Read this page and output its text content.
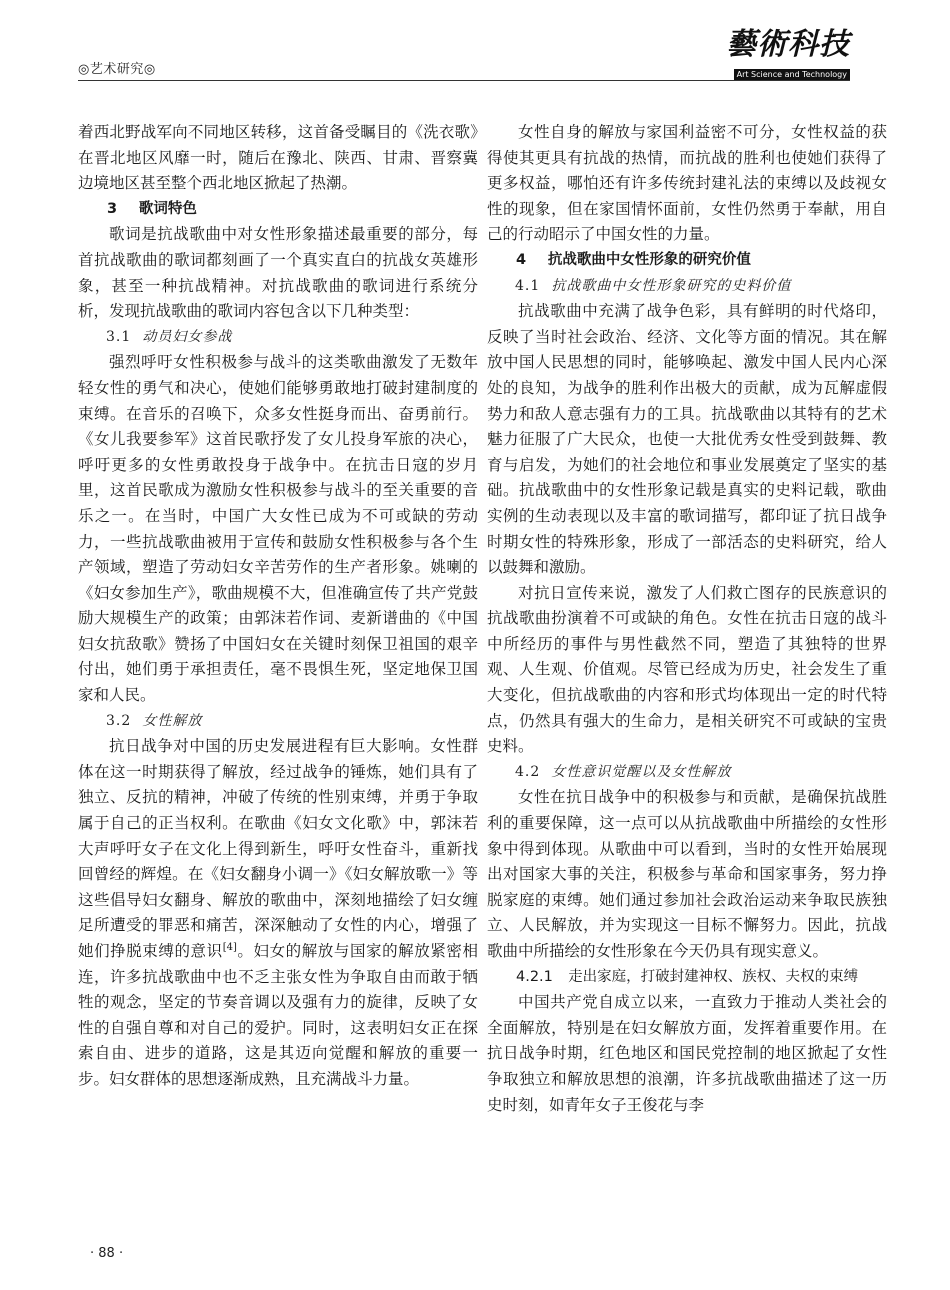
◎艺术研究◎
藝術科技
Art Science and Technology

着西北野战军向不同地区转移，这首备受瞩目的《洗衣歌》在晋北地区风靡一时，随后在豫北、陕西、甘肃、晋察冀边境地区甚至整个西北地区掀起了热潮。

3 歌词特色

歌词是抗战歌曲中对女性形象描述最重要的部分，每首抗战歌曲的歌词都刻画了一个真实直白的抗战女英雄形象，甚至一种抗战精神。对抗战歌曲的歌词进行系统分析，发现抗战歌曲的歌词内容包含以下几种类型：

3.1 动员妇女参战

强烈呼吁女性积极参与战斗的这类歌曲激发了无数年轻女性的勇气和决心，使她们能够勇敢地打破封建制度的束缚。在音乐的召唤下，众多女性挺身而出、奋勇前行。《女儿我要参军》这首民歌抒发了女儿投身军旅的决心，呼吁更多的女性勇敢投身于战争中。在抗击日寇的岁月里，这首民歌成为激励女性积极参与战斗的至关重要的音乐之一。在当时，中国广大女性已成为不可或缺的劳动力，一些抗战歌曲被用于宣传和鼓励女性积极参与各个生产领域，塑造了劳动妇女辛苦劳作的生产者形象。姚喇的《妇女参加生产》，歌曲规模不大，但准确宣传了共产党鼓励大规模生产的政策；由郭沫若作词、麦新谱曲的《中国妇女抗敌歌》赞扬了中国妇女在关键时刻保卫祖国的艰辛付出，她们勇于承担责任，毫不畏惧生死，坚定地保卫国家和人民。

3.2 女性解放

抗日战争对中国的历史发展进程有巨大影响。女性群体在这一时期获得了解放，经过战争的锤炼，她们具有了独立、反抗的精神，冲破了传统的性别束缚，并勇于争取属于自己的正当权利。在歌曲《妇女文化歌》中，郭沫若大声呼吁女子在文化上得到新生，呼吁女性奋斗，重新找回曾经的辉煌。在《妇女翻身小调一》《妇女解放歌一》等这些倡导妇女翻身、解放的歌曲中，深刻地描绘了妇女缠足所遭受的罪恶和痛苦，深深触动了女性的内心，增强了她们挣脱束缚的意识[4]。妇女的解放与国家的解放紧密相连，许多抗战歌曲中也不乏主张女性为争取自由而敢于牺牲的观念，坚定的节奏音调以及强有力的旋律，反映了女性的自强自尊和对自己的爱护。同时，这表明妇女正在探索自由、进步的道路，这是其迈向觉醒和解放的重要一步。妇女群体的思想逐渐成熟，且充满战斗力量。

女性自身的解放与家国利益密不可分，女性权益的获得使其更具有抗战的热情，而抗战的胜利也使她们获得了更多权益，哪怕还有许多传统封建礼法的束缚以及歧视女性的现象，但在家国情怀面前，女性仍然勇于奉献，用自己的行动昭示了中国女性的力量。

4 抗战歌曲中女性形象的研究价值
4.1 抗战歌曲中女性形象研究的史料价值

抗战歌曲中充满了战争色彩，具有鲜明的时代烙印，反映了当时社会政治、经济、文化等方面的情况。其在解放中国人民思想的同时，能够唤起、激发中国人民内心深处的良知，为战争的胜利作出极大的贡献，成为瓦解虚假势力和敌人意志强有力的工具。抗战歌曲以其特有的艺术魅力征服了广大民众，也使一大批优秀女性受到鼓舞、教育与启发，为她们的社会地位和事业发展奠定了坚实的基础。抗战歌曲中的女性形象记载是真实的史料记载，歌曲实例的生动表现以及丰富的歌词描写，都印证了抗日战争时期女性的特殊形象，形成了一部活态的史料研究，给人以鼓舞和激励。

对抗日宣传来说，激发了人们救亡图存的民族意识的抗战歌曲扮演着不可或缺的角色。女性在抗击日寇的战斗中所经历的事件与男性截然不同，塑造了其独特的世界观、人生观、价值观。尽管已经成为历史，社会发生了重大变化，但抗战歌曲的内容和形式均体现出一定的时代特点，仍然具有强大的生命力，是相关研究不可或缺的宝贵史料。

4.2 女性意识觉醒以及女性解放

女性在抗日战争中的积极参与和贡献，是确保抗战胜利的重要保障，这一点可以从抗战歌曲中所描绘的女性形象中得到体现。从歌曲中可以看到，当时的女性开始展现出对国家大事的关注，积极参与革命和国家事务，努力挣脱家庭的束缚。她们通过参加社会政治运动来争取民族独立、人民解放，并为实现这一目标不懈努力。因此，抗战歌曲中所描绘的女性形象在今天仍具有现实意义。

4.2.1 走出家庭，打破封建神权、族权、夫权的束缚

中国共产党自成立以来，一直致力于推动人类社会的全面解放，特别是在妇女解放方面，发挥着重要作用。在抗日战争时期，红色地区和国民党控制的地区掀起了女性争取独立和解放思想的浪潮，许多抗战歌曲描述了这一历史时刻，如青年女子王俊花与李

· 88 ·
